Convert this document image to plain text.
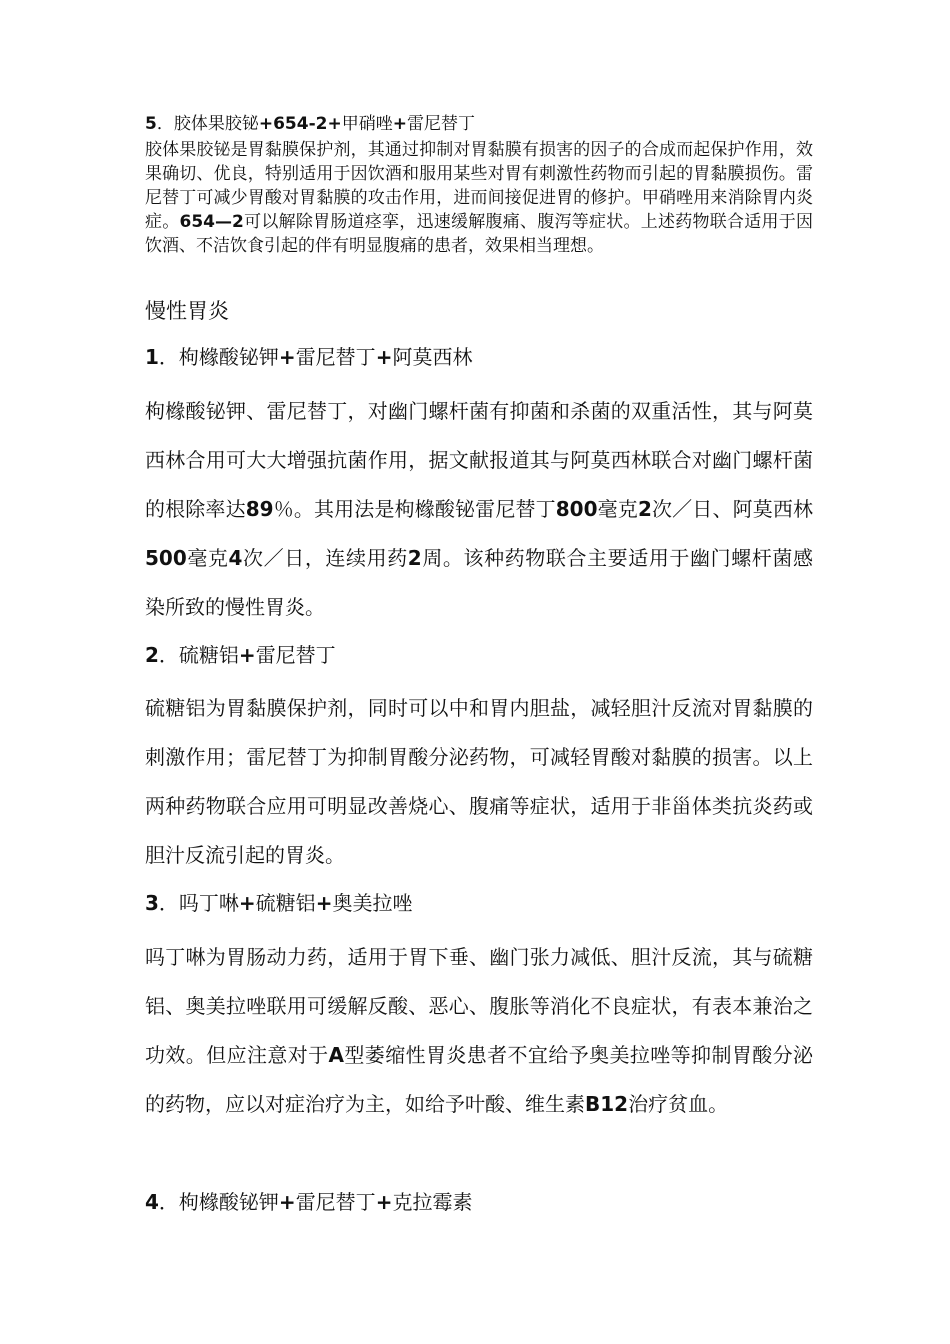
5．胶体果胶铋+654-2+甲硝唑+雷尼替丁
胶体果胶铋是胃黏膜保护剂，其通过抑制对胃黏膜有损害的因子的合成而起保护作用，效果确切、优良，特别适用于因饮酒和服用某些对胃有刺激性药物而引起的胃黏膜损伤。雷尼替丁可减少胃酸对胃黏膜的攻击作用，进而间接促进胃的修护。甲硝唑用来消除胃内炎症。654—2可以解除胃肠道痉挛，迅速缓解腹痛、腹泻等症状。上述药物联合适用于因饮酒、不洁饮食引起的伴有明显腹痛的患者，效果相当理想。
慢性胃炎
1．枸橼酸铋钾+雷尼替丁+阿莫西林
枸橼酸铋钾、雷尼替丁，对幽门螺杆菌有抑菌和杀菌的双重活性，其与阿莫西林合用可大大增强抗菌作用，据文献报道其与阿莫西林联合对幽门螺杆菌的根除率达89％。其用法是枸橼酸铋雷尼替丁800毫克2次／日、阿莫西林500毫克4次／日，连续用药2周。该种药物联合主要适用于幽门螺杆菌感染所致的慢性胃炎。
2．硫糖铝+雷尼替丁
硫糖铝为胃黏膜保护剂，同时可以中和胃内胆盐，减轻胆汁反流对胃黏膜的刺激作用；雷尼替丁为抑制胃酸分泌药物，可减轻胃酸对黏膜的损害。以上两种药物联合应用可明显改善烧心、腹痛等症状，适用于非甾体类抗炎药或胆汁反流引起的胃炎。
3．吗丁啉+硫糖铝+奥美拉唑
吗丁啉为胃肠动力药，适用于胃下垂、幽门张力减低、胆汁反流，其与硫糖铝、奥美拉唑联用可缓解反酸、恶心、腹胀等消化不良症状，有表本兼治之功效。但应注意对于A型萎缩性胃炎患者不宜给予奥美拉唑等抑制胃酸分泌的药物，应以对症治疗为主，如给予叶酸、维生素B12治疗贫血。
4．枸橼酸铋钾+雷尼替丁+克拉霉素
